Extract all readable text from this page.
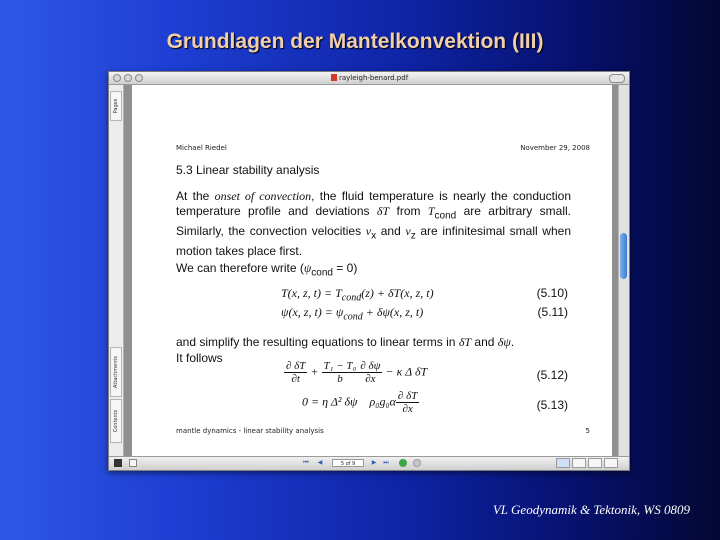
Grundlagen der Mantelkonvektion (III)
rayleigh-benard.pdf
Pages
Attachments
Contents
Michael Riedel	November 29, 2008
5.3 Linear stability analysis

At the onset of convection, the fluid temperature is nearly the conduction temperature profile and deviations δT from $T_{cond}$ are arbitrary small. Similarly, the convection velocities $v_x$ and $v_z$ are infinitesimal small when motion takes place first.

We can therefore write $(\psi_{cond} = 0)$
T(x, z, $t) = T_{cond}(z) + \delta T(x$, z, t)	(5.10)
ψ(x, z, $t) = \psi_{cond} + \delta\psi(x$, z, t)	(5.11)
and simplify the resulting equations to linear terms in δT and δψ.
It follows
$\frac{\partial \delta T}{\partial t} + \frac{\text{T₁ − T₀}}{b} \frac{\partial \delta\psi}{\partial x} - \kappa$ Δ δT	(5.12)
0 = η Δ² δψ $\rho_0g_0\alpha \frac{\partial \delta T}{\partial x}$	(5.13)
mantle dynamics - linear stability analysis	5
⏮	◀	5 of 9	▶	⏭
VL Geodynamik & Tektonik, WS 0809
